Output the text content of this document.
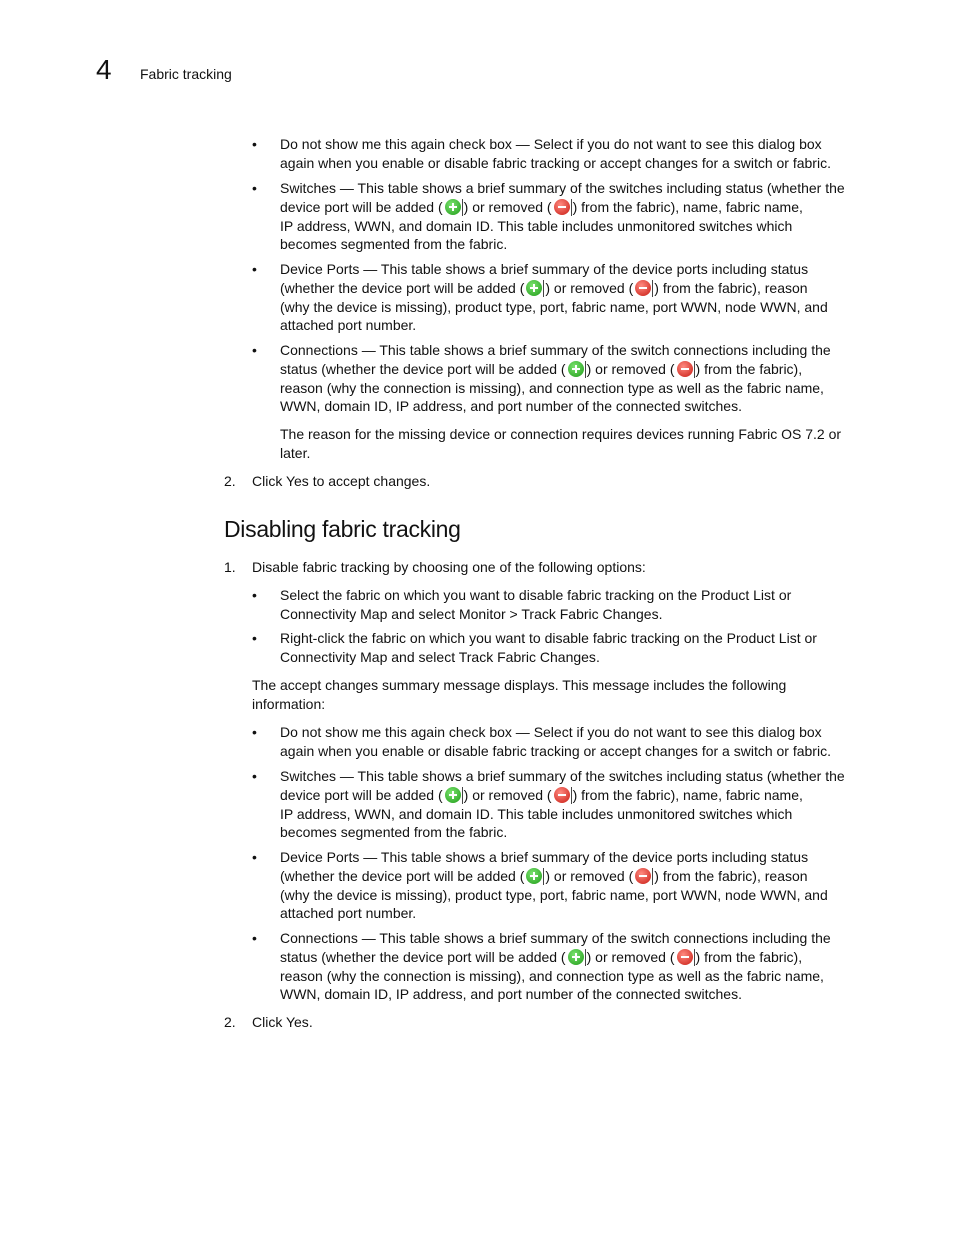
4 Fabric tracking
• Do not show me this again check box — Select if you do not want to see this dialog box
again when you enable or disable fabric tracking or accept changes for a switch or fabric.
• Switches — This table shows a brief summary of the switches including status (whether the
device port will be added ( ) or removed ( ) from the fabric), name, fabric name,
IP address, WWN, and domain ID. This table includes unmonitored switches which
becomes segmented from the fabric.
• Device Ports — This table shows a brief summary of the device ports including status
(whether the device port will be added ( ) or removed ( ) from the fabric), reason
(why the device is missing), product type, port, fabric name, port WWN, node WWN, and
attached port number.
• Connections — This table shows a brief summary of the switch connections including the
status (whether the device port will be added ( ) or removed ( ) from the fabric),
reason (why the connection is missing), and connection type as well as the fabric name,
WWN, domain ID, IP address, and port number of the connected switches.
The reason for the missing device or connection requires devices running Fabric OS 7.2 or
later.
2. Click Yes to accept changes.
Disabling fabric tracking
1. Disable fabric tracking by choosing one of the following options:
• Select the fabric on which you want to disable fabric tracking on the Product List or
Connectivity Map and select Monitor > Track Fabric Changes.
• Right-click the fabric on which you want to disable fabric tracking on the Product List or
Connectivity Map and select Track Fabric Changes.
The accept changes summary message displays. This message includes the following
information:
• Do not show me this again check box — Select if you do not want to see this dialog box
again when you enable or disable fabric tracking or accept changes for a switch or fabric.
• Switches — This table shows a brief summary of the switches including status (whether the
device port will be added ( ) or removed ( ) from the fabric), name, fabric name,
IP address, WWN, and domain ID. This table includes unmonitored switches which
becomes segmented from the fabric.
• Device Ports — This table shows a brief summary of the device ports including status
(whether the device port will be added ( ) or removed ( ) from the fabric), reason
(why the device is missing), product type, port, fabric name, port WWN, node WWN, and
attached port number.
• Connections — This table shows a brief summary of the switch connections including the
status (whether the device port will be added ( ) or removed ( ) from the fabric),
reason (why the connection is missing), and connection type as well as the fabric name,
WWN, domain ID, IP address, and port number of the connected switches.
2. Click Yes.
